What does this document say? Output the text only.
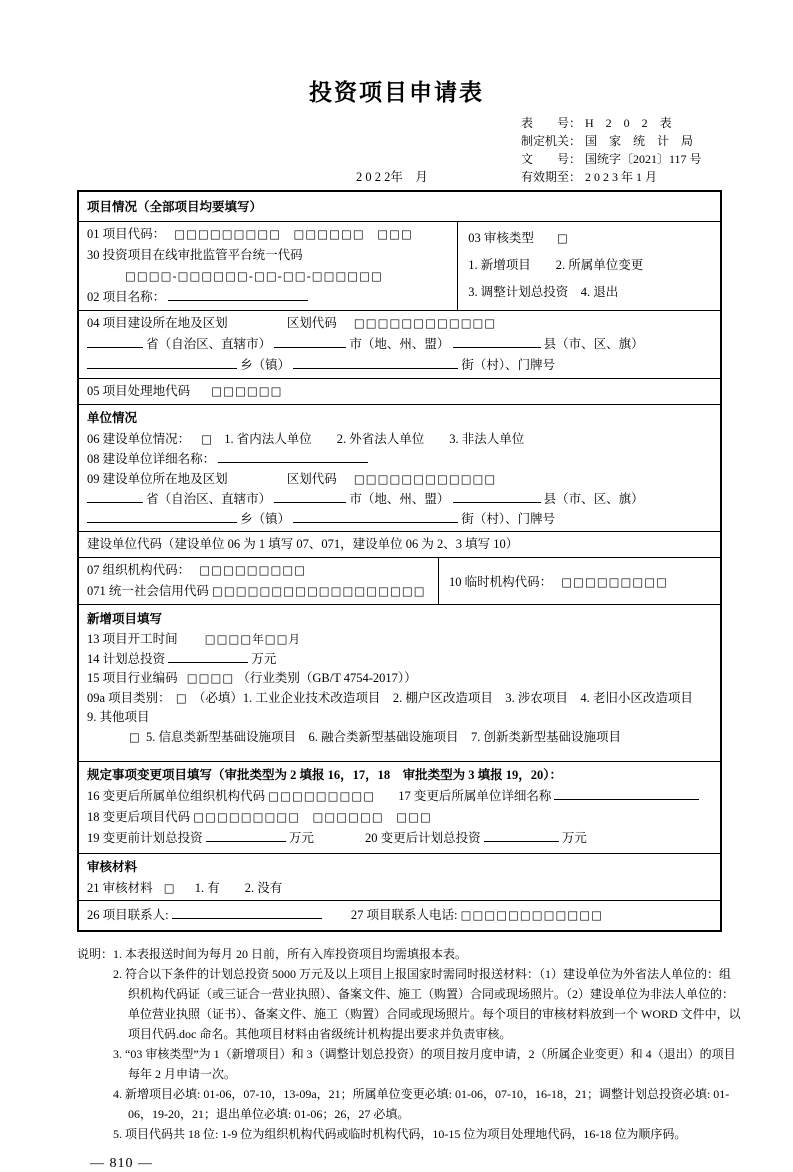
投资项目申请表
表　　号： H　2　0　2　表
制定机关： 国　家　统　计　局
文　　号： 国统字〔2021〕117 号
有效期至： 2 0 2 3 年 1 月
2 0 2 2年　月
项目情况（全部项目均要填写）
01 项目代码： □□□□□□□□□　□□□□□□　□□□
30 投资项目在线审批监管平台统一代码
□□□□-□□□□□□-□□-□□-□□□□□□
02 项目名称：
03 审核类型 □
1. 新增项目　　2. 所属单位变更
3. 调整计划总投资　4. 退出
04 项目建设所在地及区划	区划代码 □□□□□□□□□□□□
省（自治区、直辖市）	市（地、州、盟）	县（市、区、旗）
乡（镇）	街（村）、门牌号
05 项目处理地代码 □□□□□□
单位情况
06 建设单位情况： □ 1. 省内法人单位　　2. 外省法人单位　　3. 非法人单位
08 建设单位详细名称：
09 建设单位所在地及区划	区划代码 □□□□□□□□□□□□
省（自治区、直辖市）	市（地、州、盟）	县（市、区、旗）
乡（镇）	街（村）、门牌号
建设单位代码（建设单位 06 为 1 填写 07、071，建设单位 06 为 2、3 填写 10）
07 组织机构代码： □□□□□□□□□
071 统一社会信用代码 □□□□□□□□□□□□□□□□□□
10 临时机构代码： □□□□□□□□□
新增项目填写
13 项目开工时间 □□□□年□□月
14 计划总投资	万元
15 项目行业编码 □□□□ （行业类别（GB/T 4754-2017））
09a 项目类别： □ （必填）1. 工业企业技术改造项目　2. 棚户区改造项目　3. 涉农项目　4. 老旧小区改造项目　9. 其他项目
□ 5. 信息类新型基础设施项目　6. 融合类新型基础设施项目　7. 创新类新型基础设施项目
规定事项变更项目填写（审批类型为 2 填报 16，17，18　审批类型为 3 填报 19，20）：
16 变更后所属单位组织机构代码 □□□□□□□□□ 17 变更后所属单位详细名称
18 变更后项目代码 □□□□□□□□□　□□□□□□　□□□
19 变更前计划总投资	万元	20 变更后计划总投资	万元
审核材料
21 审核材料 □ 1. 有　　2. 没有
26 项目联系人:	27 项目联系人电话: □□□□□□□□□□□□
说明： 1. 本表报送时间为每月 20 日前，所有入库投资项目均需填报本表。
2. 符合以下条件的计划总投资 5000 万元及以上项目上报国家时需同时报送材料：（1）建设单位为外省法人单位的：组织机构代码证（或三证合一营业执照）、备案文件、施工（购置）合同或现场照片。（2）建设单位为非法人单位的：单位营业执照（证书）、备案文件、施工（购置）合同或现场照片。每个项目的审核材料放到一个 WORD 文件中，以项目代码.doc 命名。其他项目材料由省级统计机构提出要求并负责审核。
3. “03 审核类型”为 1（新增项目）和 3（调整计划总投资）的项目按月度申请，2（所属企业变更）和 4（退出）的项目每年 2 月申请一次。
4. 新增项目必填: 01-06，07-10，13-09a，21；所属单位变更必填: 01-06，07-10，16-18，21；调整计划总投资必填: 01-06，19-20，21；退出单位必填: 01-06；26，27 必填。
5. 项目代码共 18 位: 1-9 位为组织机构代码或临时机构代码，10-15 位为项目处理地代码，16-18 位为顺序码。
— 810 —
